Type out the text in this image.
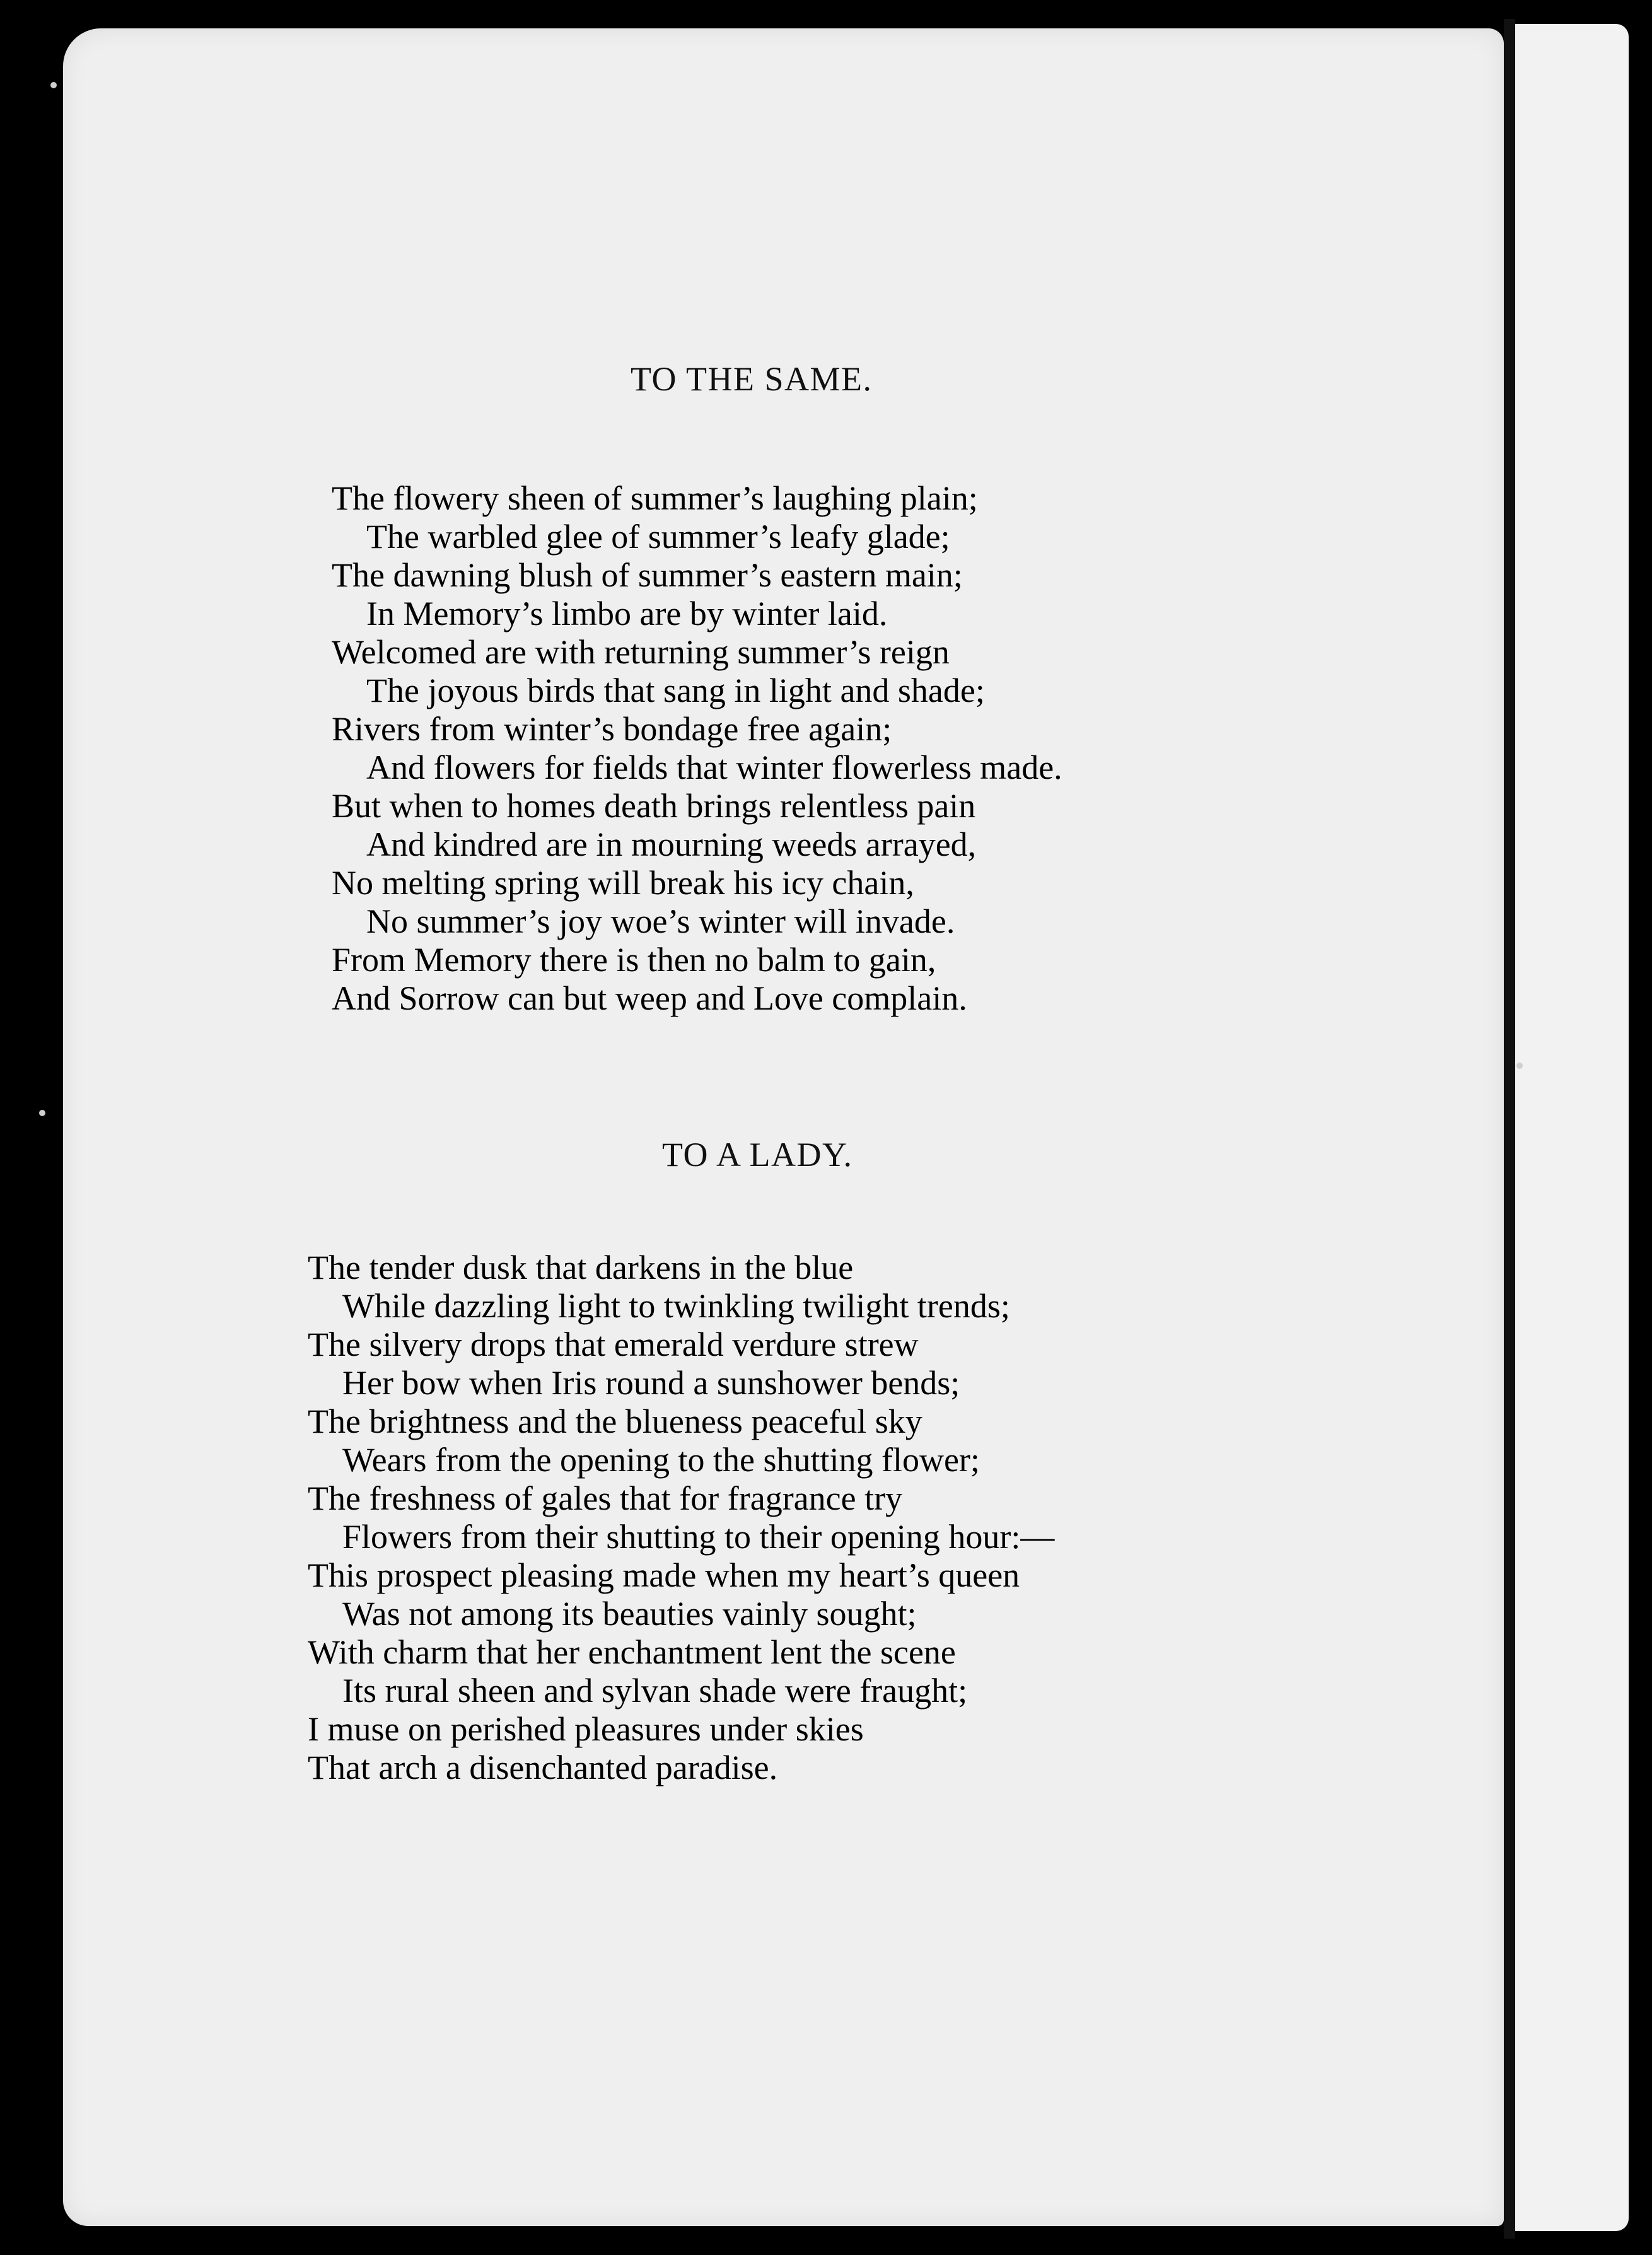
TO THE SAME.
The flowery sheen of summer’s laughing plain;
The warbled glee of summer’s leafy glade;
The dawning blush of summer’s eastern main;
In Memory’s limbo are by winter laid.
Welcomed are with returning summer’s reign
The joyous birds that sang in light and shade;
Rivers from winter’s bondage free again;
And flowers for fields that winter flowerless made.
But when to homes death brings relentless pain
And kindred are in mourning weeds arrayed,
No melting spring will break his icy chain,
No summer’s joy woe’s winter will invade.
From Memory there is then no balm to gain,
And Sorrow can but weep and Love complain.
TO A LADY.
The tender dusk that darkens in the blue
While dazzling light to twinkling twilight trends;
The silvery drops that emerald verdure strew
Her bow when Iris round a sunshower bends;
The brightness and the blueness peaceful sky
Wears from the opening to the shutting flower;
The freshness of gales that for fragrance try
Flowers from their shutting to their opening hour:—
This prospect pleasing made when my heart’s queen
Was not among its beauties vainly sought;
With charm that her enchantment lent the scene
Its rural sheen and sylvan shade were fraught;
I muse on perished pleasures under skies
That arch a disenchanted paradise.
